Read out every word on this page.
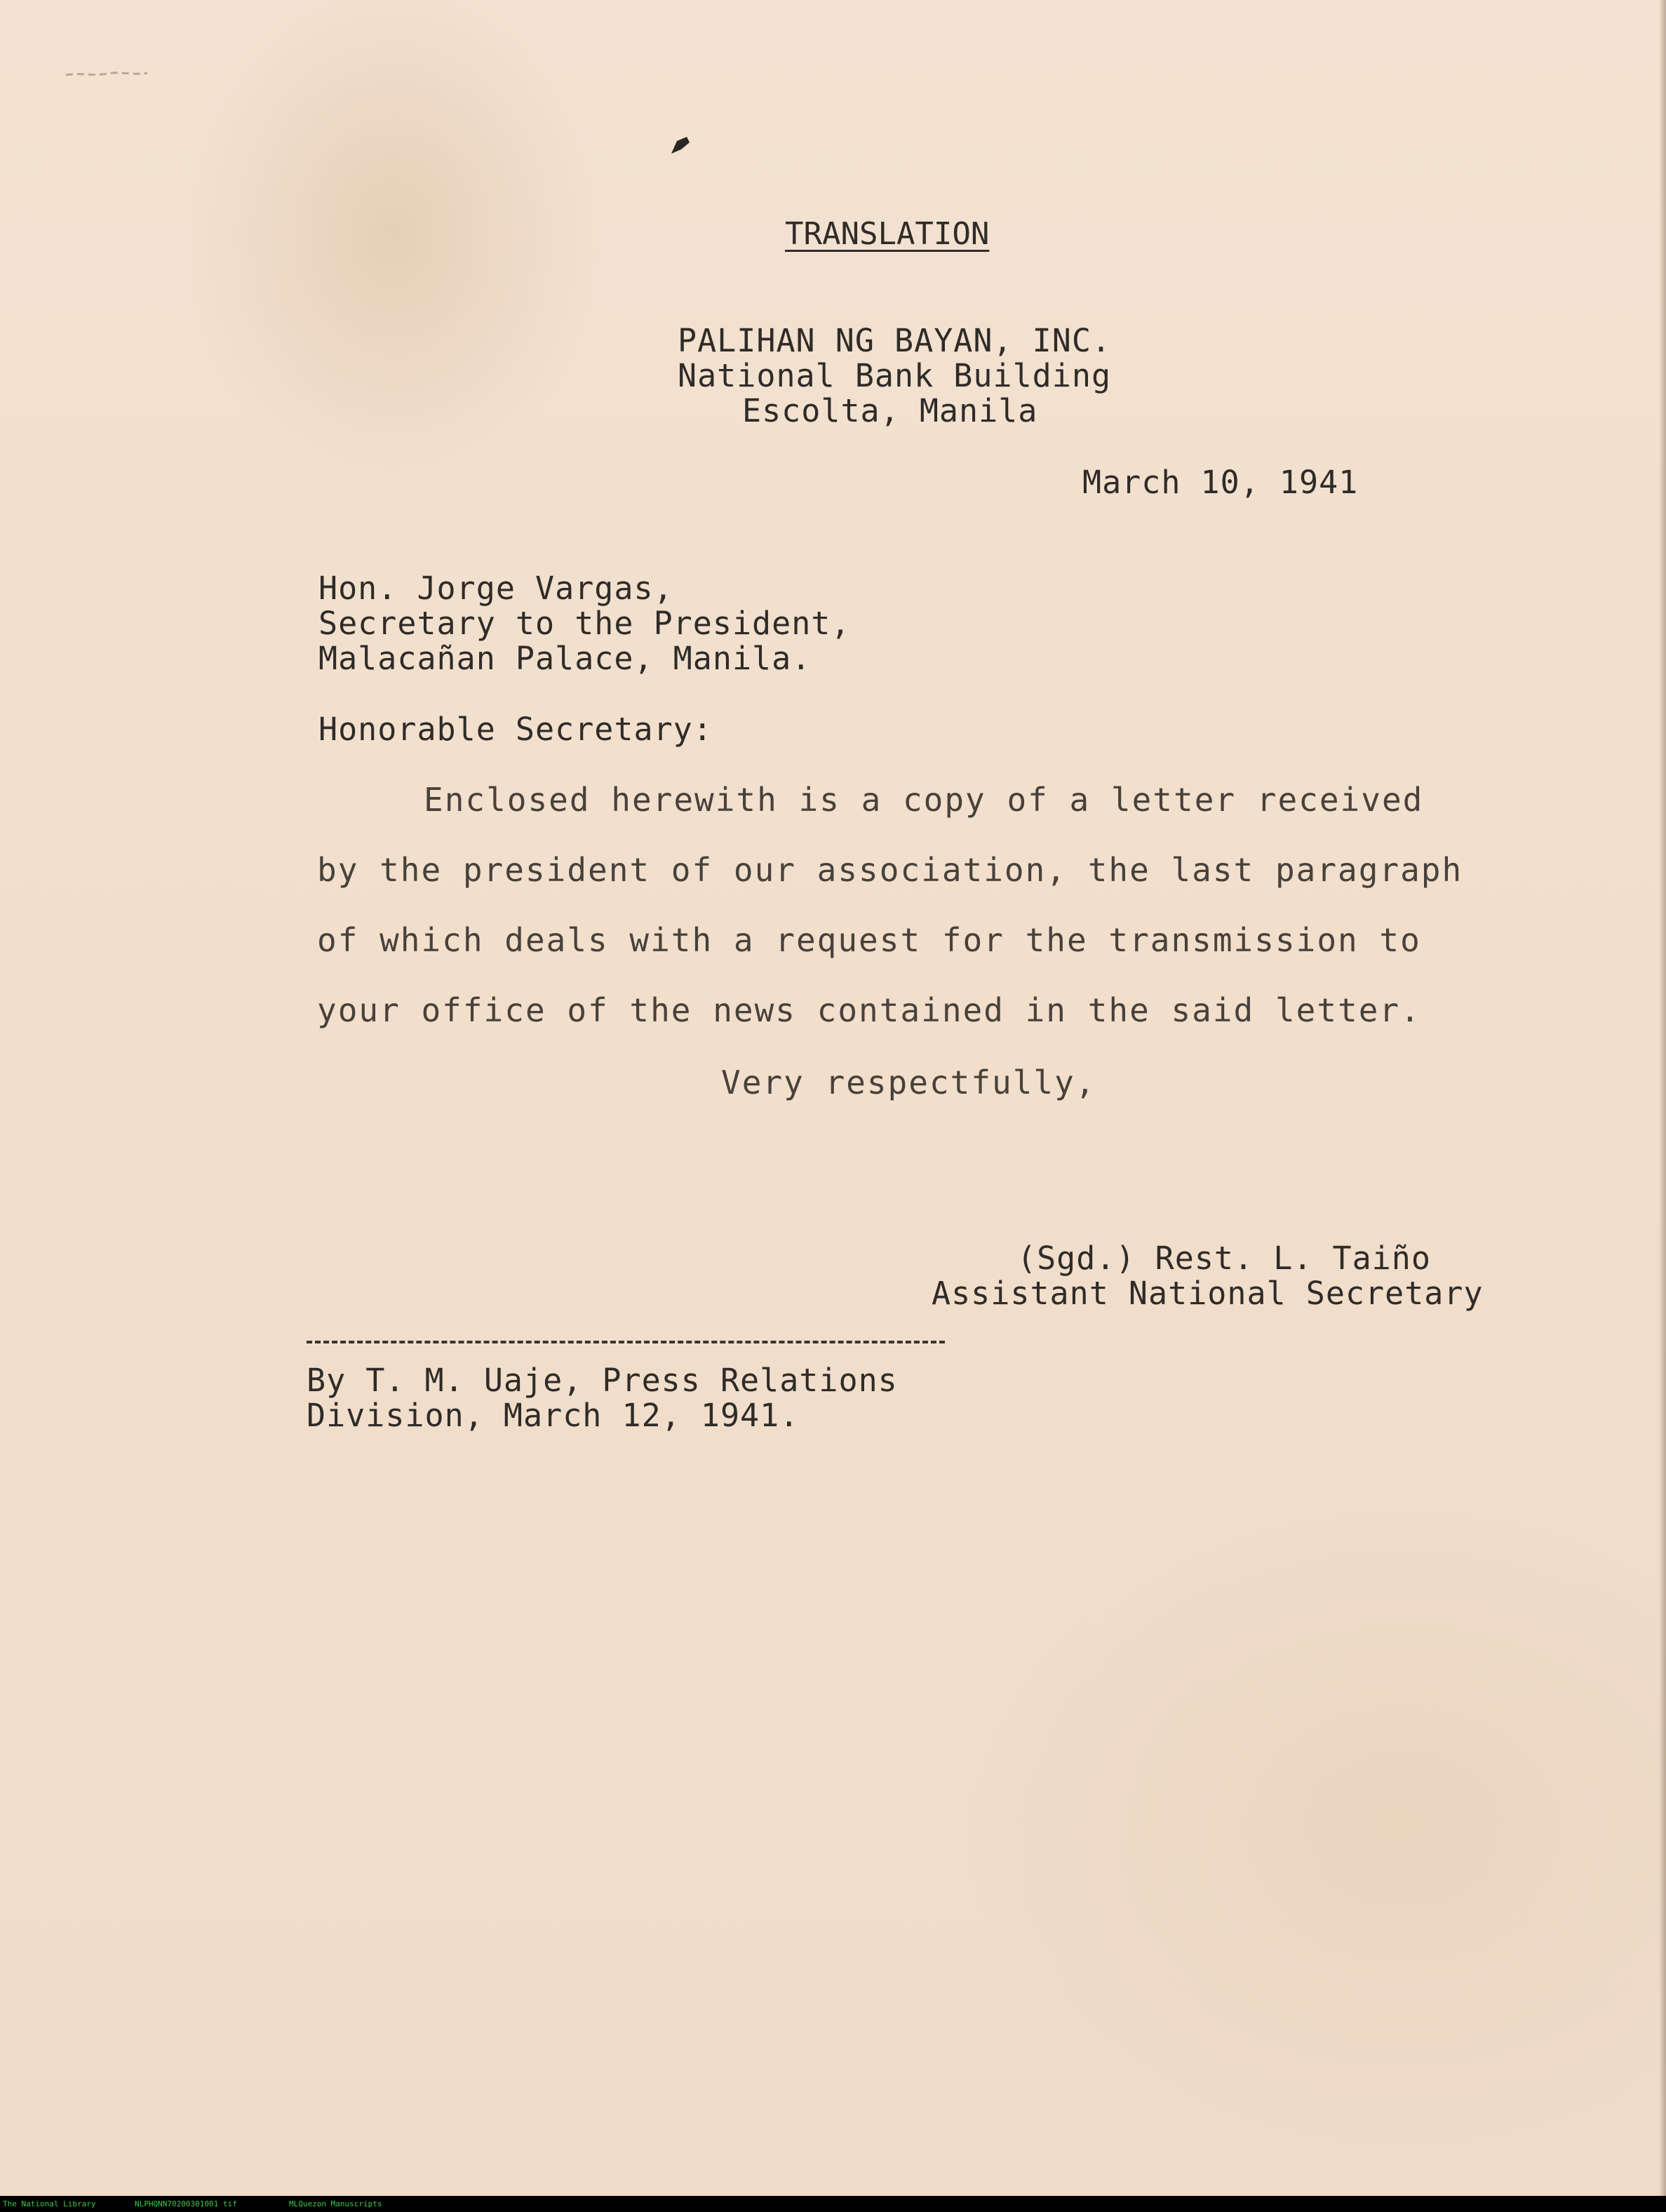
TRANSLATION
PALIHAN NG BAYAN, INC.
National Bank Building
Escolta, Manila
March 10, 1941
Hon. Jorge Vargas,
Secretary to the President,
Malacañan Palace, Manila.
Honorable Secretary:
Enclosed herewith is a copy of a letter received
by the president of our association, the last paragraph
of which deals with a request for the transmission to
your office of the news contained in the said letter.
Very respectfully,
(Sgd.) Rest. L. Taiño
Assistant National Secretary
By T. M. Uaje, Press Relations
Division, March 12, 1941.
The National Library	NLPHQNN70200301001 tif	MLQuezon Manuscripts
